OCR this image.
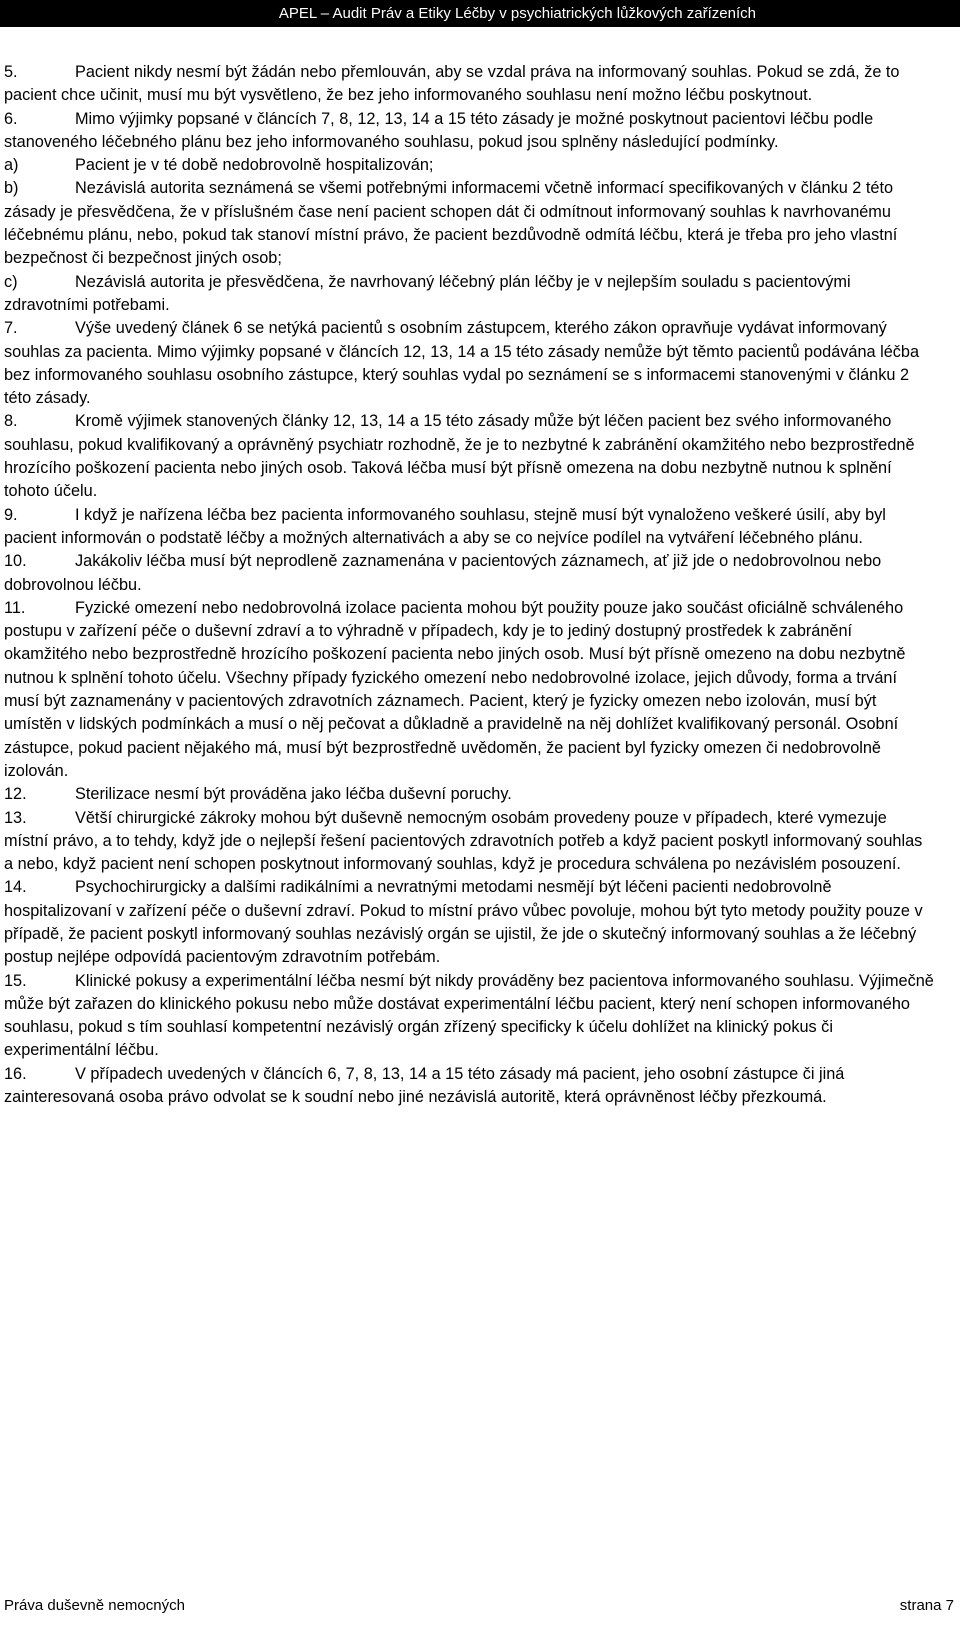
APEL – Audit Práv a Etiky Léčby v psychiatrických lůžkových zařízeních

5.	Pacient nikdy nesmí být žádán nebo přemlouván, aby se vzdal práva na informovaný souhlas. Pokud se zdá, že to pacient chce učinit, musí mu být vysvětleno, že bez jeho informovaného souhlasu není možno léčbu poskytnout.

6.	Mimo výjimky popsané v článcích 7, 8, 12, 13, 14 a 15 této zásady je možné poskytnout pacientovi léčbu podle stanoveného léčebného plánu bez jeho informovaného souhlasu, pokud jsou splněny následující podmínky.

a)	Pacient je v té době nedobrovolně hospitalizován;

b)	Nezávislá autorita seznámená se všemi potřebnými informacemi včetně informací specifikovaných v článku 2 této zásady je přesvědčena, že v příslušném čase není pacient schopen dát či odmítnout informovaný souhlas k navrhovanému léčebnému plánu, nebo, pokud tak stanoví místní právo, že pacient bezdůvodně odmítá léčbu, která je třeba pro jeho vlastní bezpečnost či bezpečnost jiných osob;

c)	Nezávislá autorita je přesvědčena, že navrhovaný léčebný plán léčby je v nejlepším souladu s pacientovými zdravotními potřebami.

7.	Výše uvedený článek 6 se netýká pacientů s osobním zástupcem, kterého zákon opravňuje vydávat informovaný souhlas za pacienta. Mimo výjimky popsané v článcích 12, 13, 14 a 15 této zásady nemůže být těmto pacientů podávána léčba bez informovaného souhlasu osobního zástupce, který souhlas vydal po seznámení se s informacemi stanovenými v článku 2 této zásady.

8.	Kromě výjimek stanovených články 12, 13, 14 a 15 této zásady může být léčen pacient bez svého informovaného souhlasu, pokud kvalifikovaný a oprávněný psychiatr rozhodně, že je to nezbytné k zabránění okamžitého nebo bezprostředně hrozícího poškození pacienta nebo jiných osob. Taková léčba musí být přísně omezena na dobu nezbytně nutnou k splnění tohoto účelu.

9.	I když je nařízena léčba bez pacienta informovaného souhlasu, stejně musí být vynaloženo veškeré úsilí, aby byl pacient informován o podstatě léčby a možných alternativách a aby se co nejvíce podílel na vytváření léčebného plánu.

10.	Jakákoliv léčba musí být neprodleně zaznamenána v pacientových záznamech, ať již jde o nedobrovolnou nebo dobrovolnou léčbu.

11.	Fyzické omezení nebo nedobrovolná izolace pacienta mohou být použity pouze jako součást oficiálně schváleného postupu v zařízení péče o duševní zdraví a to výhradně v případech, kdy je to jediný dostupný prostředek k zabránění okamžitého nebo bezprostředně hrozícího poškození pacienta nebo jiných osob. Musí být přísně omezeno na dobu nezbytně nutnou k splnění tohoto účelu. Všechny případy fyzického omezení nebo nedobrovolné izolace, jejich důvody, forma a trvání musí být zaznamenány v pacientových zdravotních záznamech. Pacient, který je fyzicky omezen nebo izolován, musí být umístěn v lidských podmínkách a musí o něj pečovat a důkladně a pravidelně na něj dohlížet kvalifikovaný personál. Osobní zástupce, pokud pacient nějakého má, musí být bezprostředně uvědoměn, že pacient byl fyzicky omezen či nedobrovolně izolován.

12.	Sterilizace nesmí být prováděna jako léčba duševní poruchy.

13.	Větší chirurgické zákroky mohou být duševně nemocným osobám provedeny pouze v případech, které vymezuje místní právo, a to tehdy, když jde o nejlepší řešení pacientových zdravotních potřeb a když pacient poskytl informovaný souhlas a nebo, když pacient není schopen poskytnout informovaný souhlas, když je procedura schválena po nezávislém posouzení.

14.	Psychochirurgicky a dalšími radikálními a nevratnými metodami nesmějí být léčeni pacienti nedobrovolně hospitalizovaní v zařízení péče o duševní zdraví. Pokud to místní právo vůbec povoluje, mohou být tyto metody použity pouze v případě, že pacient poskytl informovaný souhlas nezávislý orgán se ujistil, že jde o skutečný informovaný souhlas a že léčebný postup nejlépe odpovídá pacientovým zdravotním potřebám.

15.	Klinické pokusy a experimentální léčba nesmí být nikdy prováděny bez pacientova informovaného souhlasu. Výjimečně může být zařazen do klinického pokusu nebo může dostávat experimentální léčbu pacient, který není schopen informovaného souhlasu, pokud s tím souhlasí kompetentní nezávislý orgán zřízený specificky k účelu dohlížet na klinický pokus či experimentální léčbu.

16.	V případech uvedených v článcích 6, 7, 8, 13, 14 a 15 této zásady má pacient, jeho osobní zástupce či jiná zainteresovaná osoba právo odvolat se k soudní nebo jiné nezávislá autoritě, která oprávněnost léčby přezkoumá.

Práva duševně nemocných	strana 7
